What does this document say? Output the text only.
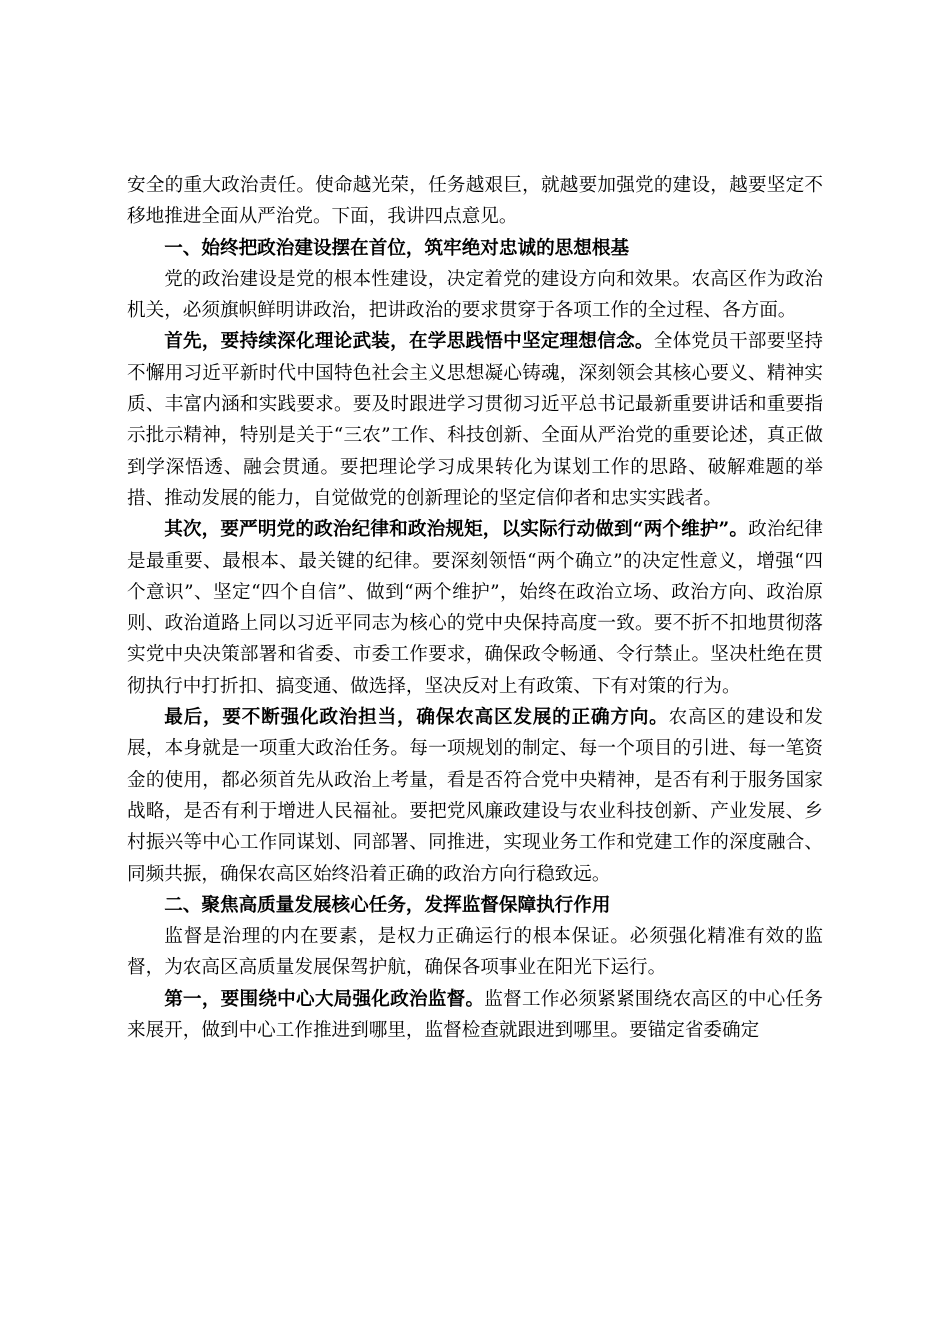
安全的重大政治责任。使命越光荣，任务越艰巨，就越要加强党的建设，越要坚定不移地推进全面从严治党。下面，我讲四点意见。

一、始终把政治建设摆在首位，筑牢绝对忠诚的思想根基

党的政治建设是党的根本性建设，决定着党的建设方向和效果。农高区作为政治机关，必须旗帜鲜明讲政治，把讲政治的要求贯穿于各项工作的全过程、各方面。

首先，要持续深化理论武装，在学思践悟中坚定理想信念。全体党员干部要坚持不懈用习近平新时代中国特色社会主义思想凝心铸魂，深刻领会其核心要义、精神实质、丰富内涵和实践要求。要及时跟进学习贯彻习近平总书记最新重要讲话和重要指示批示精神，特别是关于“三农”工作、科技创新、全面从严治党的重要论述，真正做到学深悟透、融会贯通。要把理论学习成果转化为谋划工作的思路、破解难题的举措、推动发展的能力，自觉做党的创新理论的坚定信仰者和忠实实践者。

其次，要严明党的政治纪律和政治规矩，以实际行动做到“两个维护”。政治纪律是最重要、最根本、最关键的纪律。要深刻领悟“两个确立”的决定性意义，增强“四个意识”、坚定“四个自信”、做到“两个维护”，始终在政治立场、政治方向、政治原则、政治道路上同以习近平同志为核心的党中央保持高度一致。要不折不扣地贯彻落实党中央决策部署和省委、市委工作要求，确保政令畅通、令行禁止。坚决杜绝在贯彻执行中打折扣、搞变通、做选择，坚决反对上有政策、下有对策的行为。

最后，要不断强化政治担当，确保农高区发展的正确方向。农高区的建设和发展，本身就是一项重大政治任务。每一项规划的制定、每一个项目的引进、每一笔资金的使用，都必须首先从政治上考量，看是否符合党中央精神，是否有利于服务国家战略，是否有利于增进人民福祉。要把党风廉政建设与农业科技创新、产业发展、乡村振兴等中心工作同谋划、同部署、同推进，实现业务工作和党建工作的深度融合、同频共振，确保农高区始终沿着正确的政治方向行稳致远。

二、聚焦高质量发展核心任务，发挥监督保障执行作用

监督是治理的内在要素，是权力正确运行的根本保证。必须强化精准有效的监督，为农高区高质量发展保驾护航，确保各项事业在阳光下运行。

第一，要围绕中心大局强化政治监督。监督工作必须紧紧围绕农高区的中心任务来展开，做到中心工作推进到哪里，监督检查就跟进到哪里。要锚定省委确定
